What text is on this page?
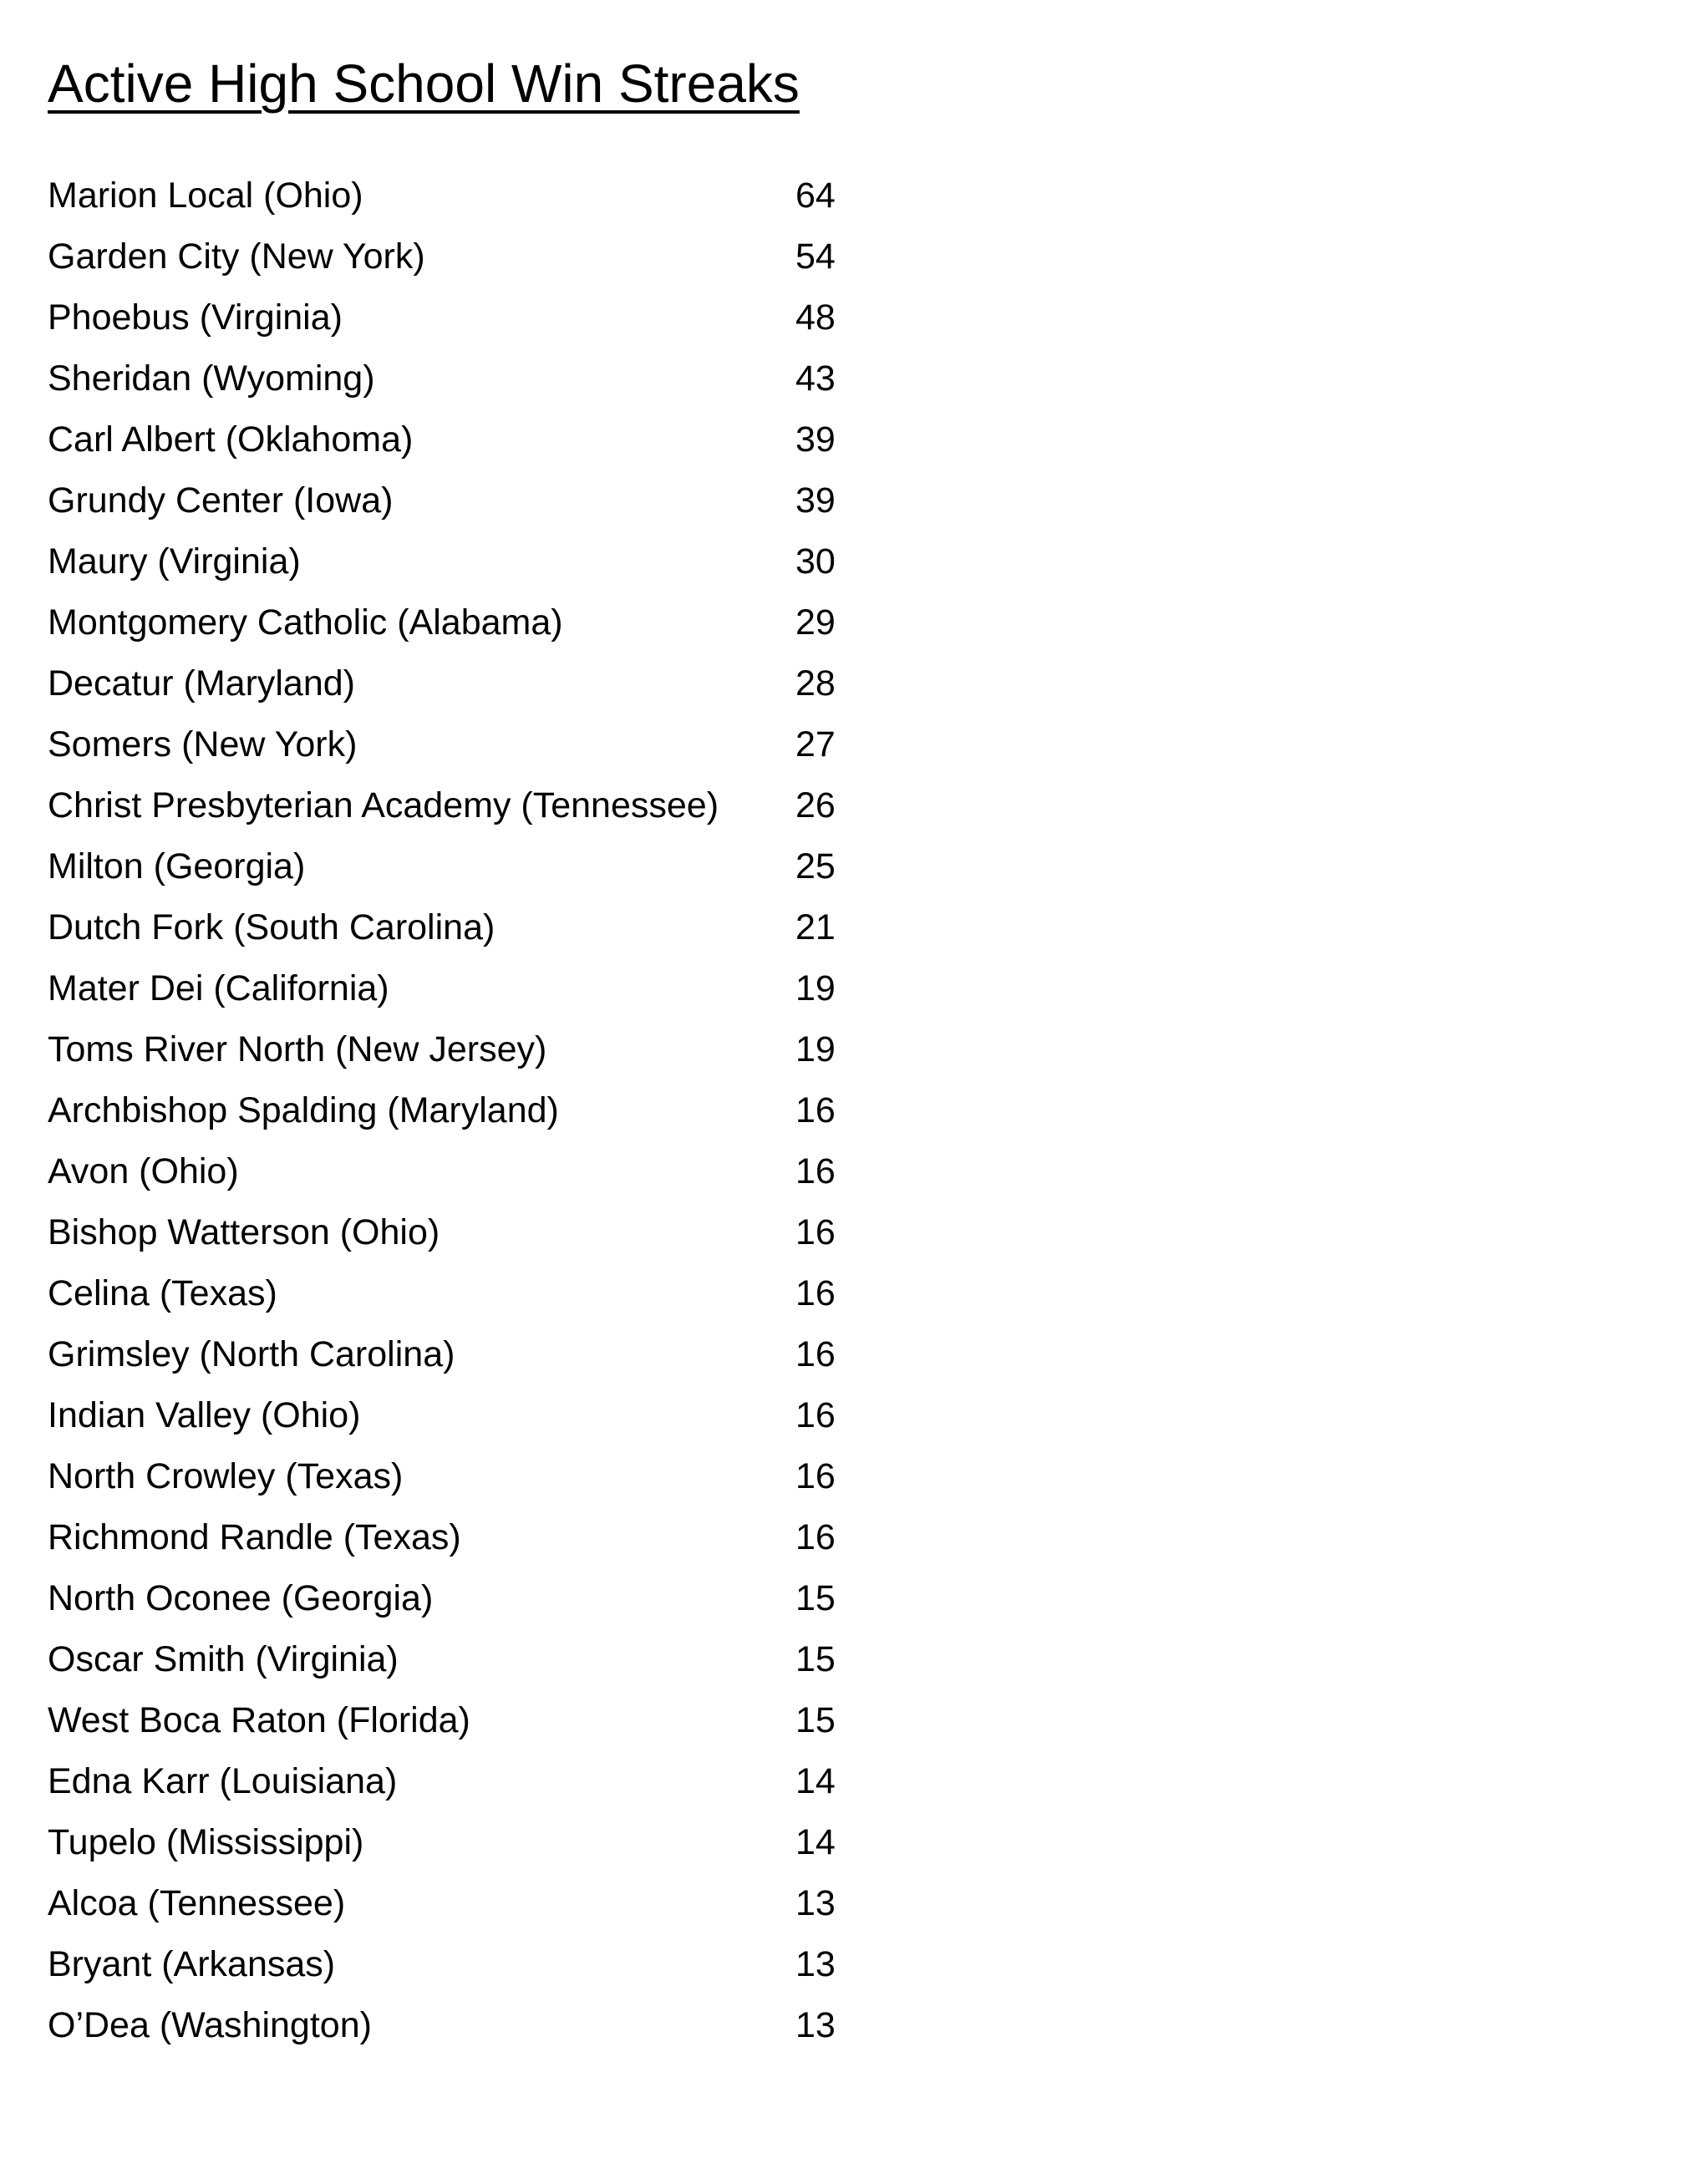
Active High School Win Streaks
Marion Local (Ohio)	64
Garden City (New York)	54
Phoebus (Virginia)	48
Sheridan (Wyoming)	43
Carl Albert (Oklahoma)	39
Grundy Center (Iowa)	39
Maury (Virginia)	30
Montgomery Catholic (Alabama)	29
Decatur (Maryland)	28
Somers (New York)	27
Christ Presbyterian Academy (Tennessee) 26
Milton (Georgia)	25
Dutch Fork (South Carolina)	21
Mater Dei (California)	19
Toms River North (New Jersey)	19
Archbishop Spalding (Maryland)	16
Avon (Ohio)	16
Bishop Watterson (Ohio)	16
Celina (Texas)	16
Grimsley (North Carolina)	16
Indian Valley (Ohio)	16
North Crowley (Texas)	16
Richmond Randle (Texas)	16
North Oconee (Georgia)	15
Oscar Smith (Virginia)	15
West Boca Raton (Florida)	15
Edna Karr (Louisiana)	14
Tupelo (Mississippi)	14
Alcoa (Tennessee)	13
Bryant (Arkansas)	13
O’Dea (Washington)	13
